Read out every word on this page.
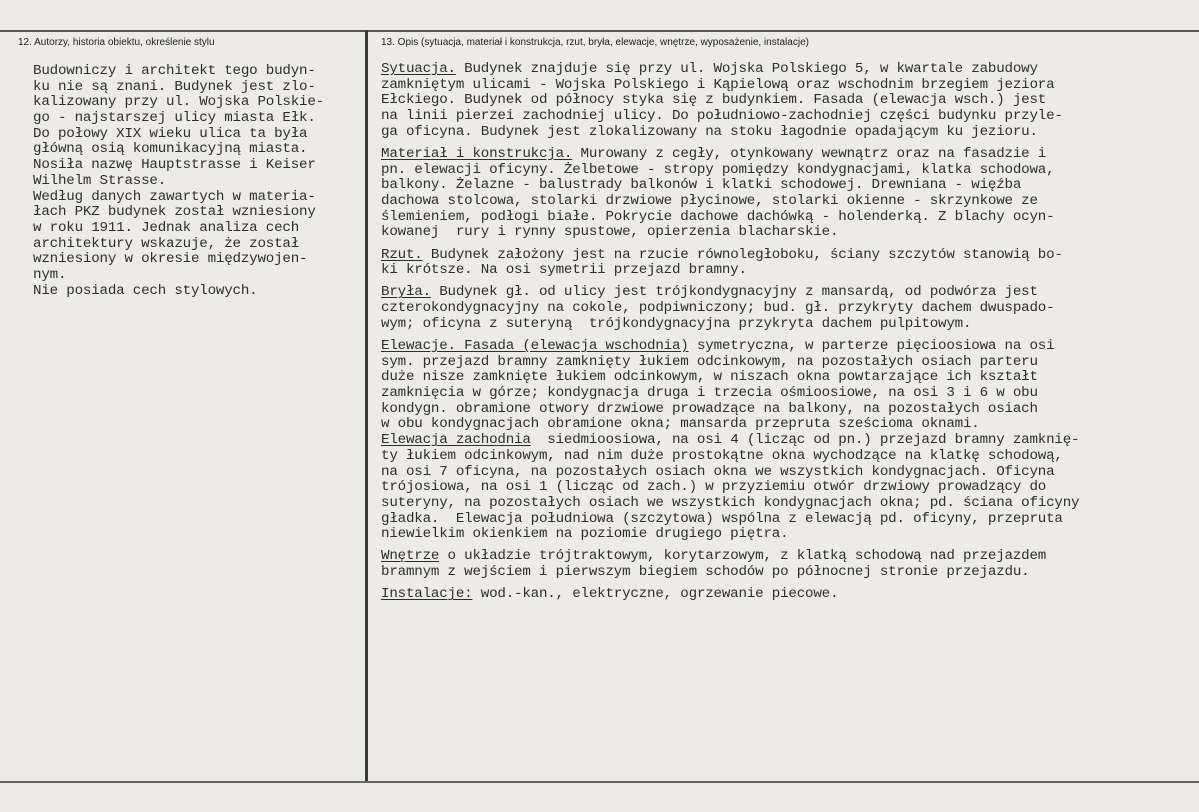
12. Autorzy, historia obiektu, określenie stylu	13. Opis (sytuacja, materiał i konstrukcja, rzut, bryła, elewacje, wnętrze, wyposażenie, instalacje)
Budowniczy i architekt tego budyn-
ku nie są znani. Budynek jest zlo-
kalizowany przy ul. Wojska Polskie-
go - najstarszej ulicy miasta Ełk.
Do połowy XIX wieku ulica ta była
główną osią komunikacyjną miasta.
Nosiła nazwę Hauptstrasse i Keiser
Wilhelm Strasse.
Według danych zawartych w materia-
łach PKZ budynek został wzniesiony
w roku 1911. Jednak analiza cech
architektury wskazuje, że został
wzniesiony w okresie międzywojen-
nym.
Nie posiada cech stylowych.
Sytuacja. Budynek znajduje się przy ul. Wojska Polskiego 5, w kwartale zabudowy
zamkniętym ulicami - Wojska Polskiego i Kąpielową oraz wschodnim brzegiem jeziora
Ełckiego. Budynek od północy styka się z budynkiem. Fasada (elewacja wsch.) jest
na linii pierzei zachodniej ulicy. Do południowo-zachodniej części budynku przyle-
ga oficyna. Budynek jest zlokalizowany na stoku łagodnie opadającym ku jezioru.
Materiał i konstrukcja. Murowany z cegły, otynkowany wewnątrz oraz na fasadzie i
pn. elewacji oficyny. Żelbetowe - stropy pomiędzy kondygnacjami, klatka schodowa,
balkony. Żelazne - balustrady balkonów i klatki schodowej. Drewniana - więźba
dachowa stolcowa, stolarki drzwiowe płycinowe, stolarki okienne - skrzynkowe ze
ślemieniem, podłogi białe. Pokrycie dachowe dachówką - holenderką. Z blachy ocyn-
kowanej  rury i rynny spustowe, opierzenia blacharskie.
Rzut. Budynek założony jest na rzucie równoległoboku, ściany szczytów stanowią bo-
ki krótsze. Na osi symetrii przejazd bramny.
Bryła. Budynek gł. od ulicy jest trójkondygnacyjny z mansardą, od podwórza jest
czterokondygnacyjny na cokole, podpiwniczony; bud. gł. przykryty dachem dwuspado-
wym; oficyna z suteryną  trójkondygnacyjna przykryta dachem pulpitowym.
Elewacje. Fasada (elewacja wschodnia) symetryczna, w parterze pięcioosiowa na osi
sym. przejazd bramny zamknięty łukiem odcinkowym, na pozostałych osiach parteru
duże nisze zamknięte łukiem odcinkowym, w niszach okna powtarzające ich kształt
zamknięcia w górze; kondygnacja druga i trzecia ośmioosiowe, na osi 3 i 6 w obu
kondygn. obramione otwory drzwiowe prowadzące na balkony, na pozostałych osiach
w obu kondygnacjach obramione okna; mansarda przepruta sześcioma oknami.
Elewacja zachodnia  siedmioosiowa, na osi 4 (licząc od pn.) przejazd bramny zamknię-
ty łukiem odcinkowym, nad nim duże prostokątne okna wychodzące na klatkę schodową,
na osi 7 oficyna, na pozostałych osiach okna we wszystkich kondygnacjach. Oficyna
trójosiowa, na osi 1 (licząc od zach.) w przyziemiu otwór drzwiowy prowadzący do
suteryny, na pozostałych osiach we wszystkich kondygnacjach okna; pd. ściana oficyny
gładka.  Elewacja południowa (szczytowa) wspólna z elewacją pd. oficyny, przepruta
niewielkim okienkiem na poziomie drugiego piętra.
Wnętrze o układzie trójtraktowym, korytarzowym, z klatką schodową nad przejazdem
bramnym z wejściem i pierwszym biegiem schodów po północnej stronie przejazdu.
Instalacje: wod.-kan., elektryczne, ogrzewanie piecowe.
